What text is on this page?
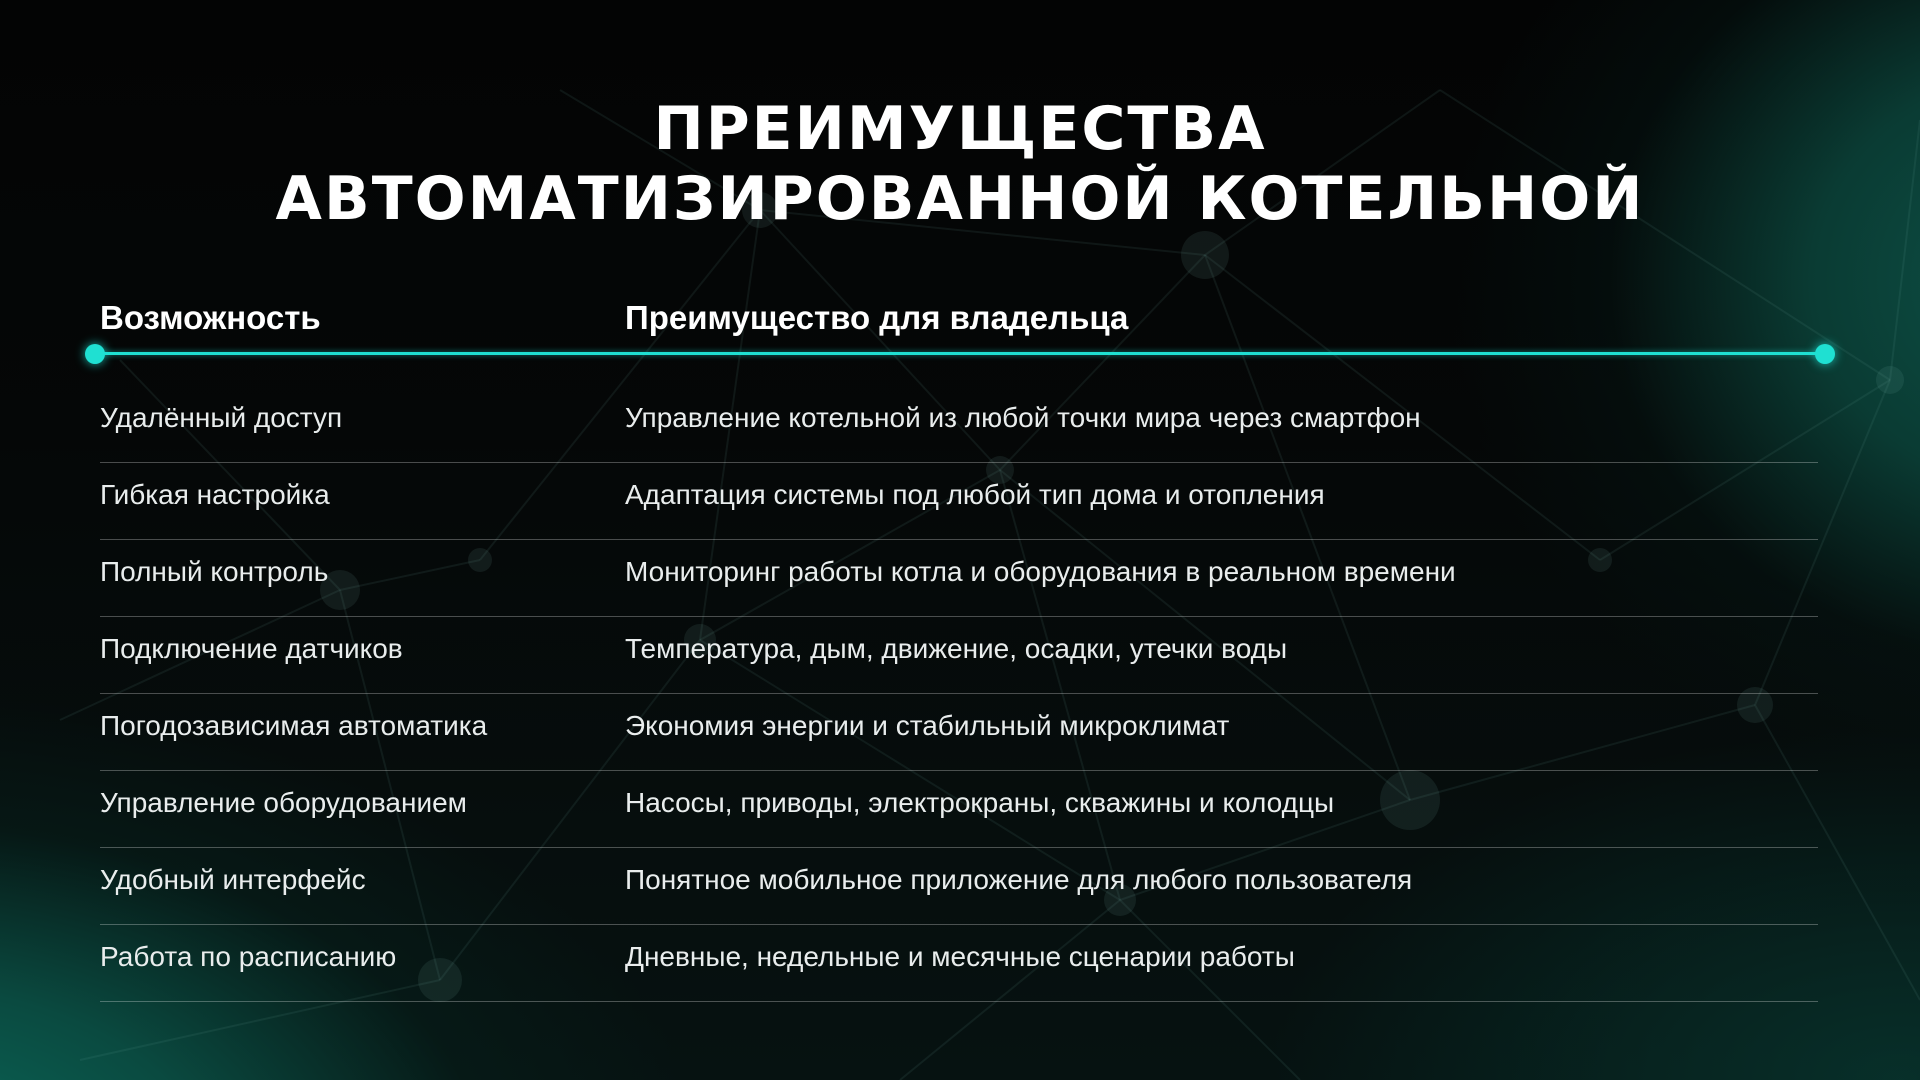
ПРЕИМУЩЕСТВА
АВТОМАТИЗИРОВАННОЙ КОТЕЛЬНОЙ
Возможность	Преимущество для владельца
Удалённый доступ	Управление котельной из любой точки мира через смартфон
Гибкая настройка	Адаптация системы под любой тип дома и отопления
Полный контроль	Мониторинг работы котла и оборудования в реальном времени
Подключение датчиков	Температура, дым, движение, осадки, утечки воды
Погодозависимая автоматика	Экономия энергии и стабильный микроклимат
Управление оборудованием	Насосы, приводы, электрокраны, скважины и колодцы
Удобный интерфейс	Понятное мобильное приложение для любого пользователя
Работа по расписанию	Дневные, недельные и месячные сценарии работы
